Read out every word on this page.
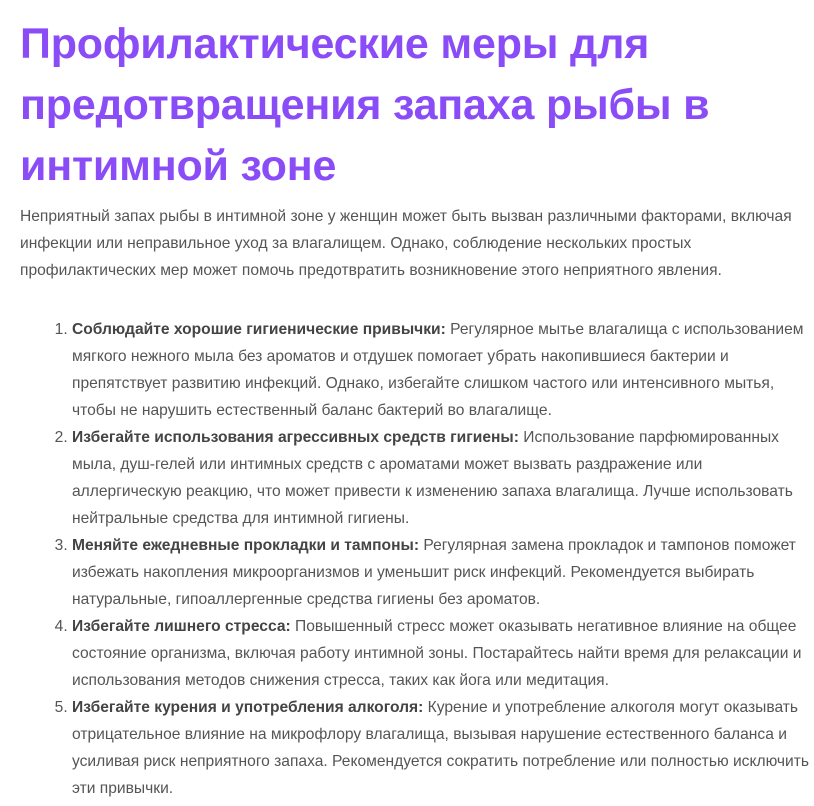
Профилактические меры для предотвращения запаха рыбы в интимной зоне

Неприятный запах рыбы в интимной зоне у женщин может быть вызван различными факторами, включая инфекции или неправильное уход за влагалищем. Однако, соблюдение нескольких простых профилактических мер может помочь предотвратить возникновение этого неприятного явления.

1. Соблюдайте хорошие гигиенические привычки: Регулярное мытье влагалища с использованием мягкого нежного мыла без ароматов и отдушек помогает убрать накопившиеся бактерии и препятствует развитию инфекций. Однако, избегайте слишком частого или интенсивного мытья, чтобы не нарушить естественный баланс бактерий во влагалище.
2. Избегайте использования агрессивных средств гигиены: Использование парфюмированных мыла, душ-гелей или интимных средств с ароматами может вызвать раздражение или аллергическую реакцию, что может привести к изменению запаха влагалища. Лучше использовать нейтральные средства для интимной гигиены.
3. Меняйте ежедневные прокладки и тампоны: Регулярная замена прокладок и тампонов поможет избежать накопления микроорганизмов и уменьшит риск инфекций. Рекомендуется выбирать натуральные, гипоаллергенные средства гигиены без ароматов.
4. Избегайте лишнего стресса: Повышенный стресс может оказывать негативное влияние на общее состояние организма, включая работу интимной зоны. Постарайтесь найти время для релаксации и использования методов снижения стресса, таких как йога или медитация.
5. Избегайте курения и употребления алкоголя: Курение и употребление алкоголя могут оказывать отрицательное влияние на микрофлору влагалища, вызывая нарушение естественного баланса и усиливая риск неприятного запаха. Рекомендуется сократить потребление или полностью исключить эти привычки.
